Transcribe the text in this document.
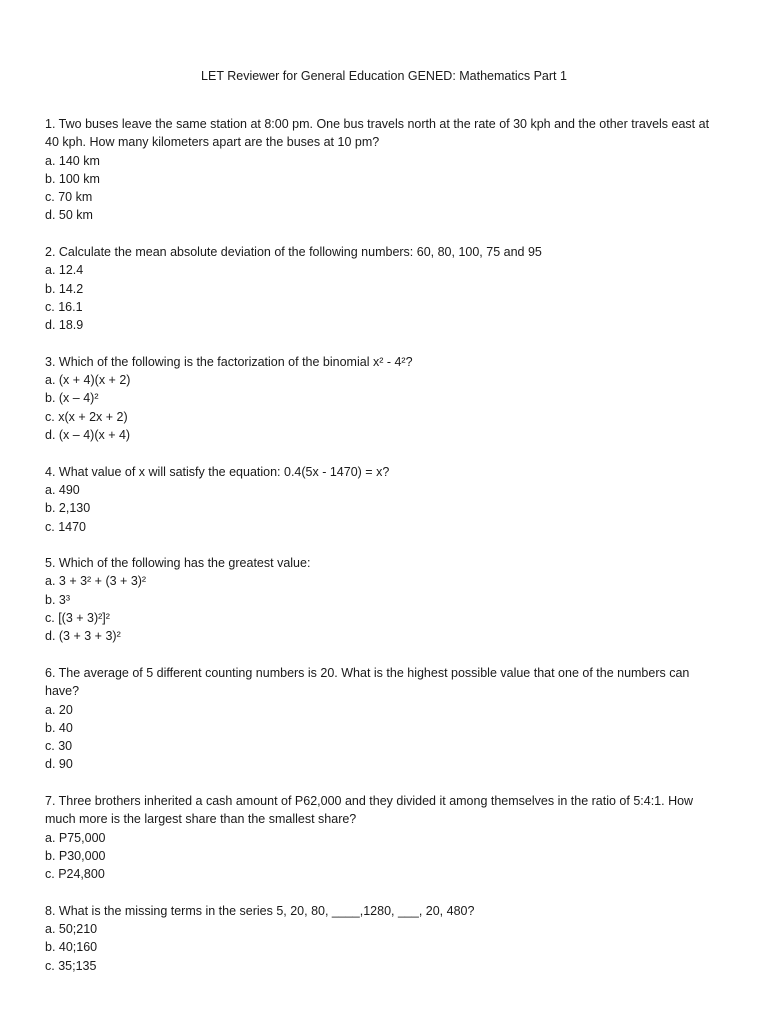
LET Reviewer for General Education GENED: Mathematics Part 1

1. Two buses leave the same station at 8:00 pm. One bus travels north at the rate of 30 kph and the other travels east at 40 kph. How many kilometers apart are the buses at 10 pm?

a. 140 km
b. 100 km
c. 70 km
d. 50 km

2. Calculate the mean absolute deviation of the following numbers: 60, 80, 100, 75 and 95

a. 12.4
b. 14.2
c. 16.1
d. 18.9

3. Which of the following is the factorization of the binomial x² - 4²?

a. (x + 4)(x + 2)
b. (x – 4)²
c. x(x + 2x + 2)
d. (x – 4)(x + 4)

4. What value of x will satisfy the equation: 0.4(5x - 1470) = x?

a. 490
b. 2,130
c. 1470

5. Which of the following has the greatest value:

a. 3 + 3² + (3 + 3)²
b. 3³
c. [(3 + 3)²]²
d. (3 + 3 + 3)²

6. The average of 5 different counting numbers is 20. What is the highest possible value that one of the numbers can have?

a. 20
b. 40
c. 30
d. 90

7. Three brothers inherited a cash amount of P62,000 and they divided it among themselves in the ratio of 5:4:1. How much more is the largest share than the smallest share?

a. P75,000
b. P30,000
c. P24,800

8. What is the missing terms in the series 5, 20, 80, ____,1280, ___, 20, 480?

a. 50;210
b. 40;160
c. 35;135
